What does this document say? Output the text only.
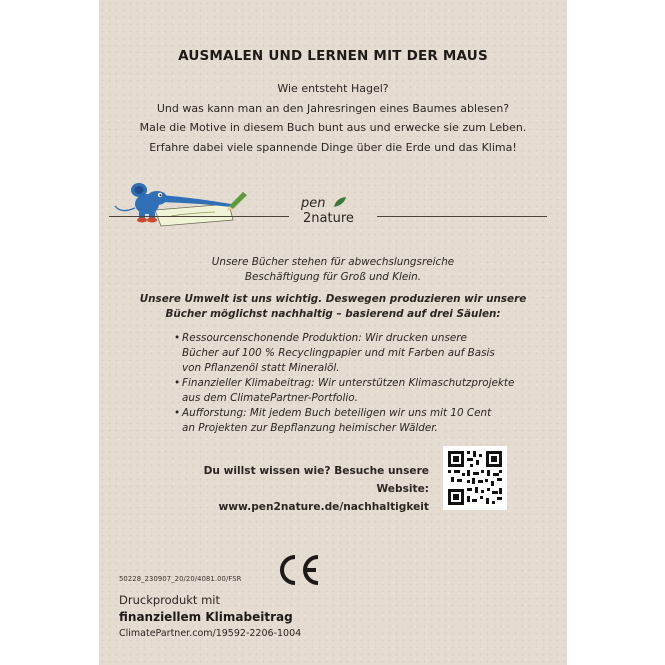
AUSMALEN UND LERNEN MIT DER MAUS
Wie entsteht Hagel?
Und was kann man an den Jahresringen eines Baumes ablesen?
Male die Motive in diesem Buch bunt aus und erwecke sie zum Leben.
Erfahre dabei viele spannende Dinge über die Erde und das Klima!
pen
2nature
Unsere Bücher stehen für abwechslungsreiche
Beschäftigung für Groß und Klein.
Unsere Umwelt ist uns wichtig. Deswegen produzieren wir unsere
Bücher möglichst nachhaltig – basierend auf drei Säulen:
• Ressourcenschonende Produktion: Wir drucken unsere
Bücher auf 100 % Recyclingpapier und mit Farben auf Basis
von Pflanzenöl statt Mineralöl.
• Finanzieller Klimabeitrag: Wir unterstützen Klimaschutzprojekte
aus dem ClimatePartner-Portfolio.
• Aufforstung: Mit jedem Buch beteiligen wir uns mit 10 Cent
an Projekten zur Bepflanzung heimischer Wälder.
Du willst wissen wie? Besuche unsere Website:
www.pen2nature.de/nachhaltigkeit
50228_230907_20/20/4081.00/FSR
Druckprodukt mit
finanziellem Klimabeitrag
ClimatePartner.com/19592-2206-1004
